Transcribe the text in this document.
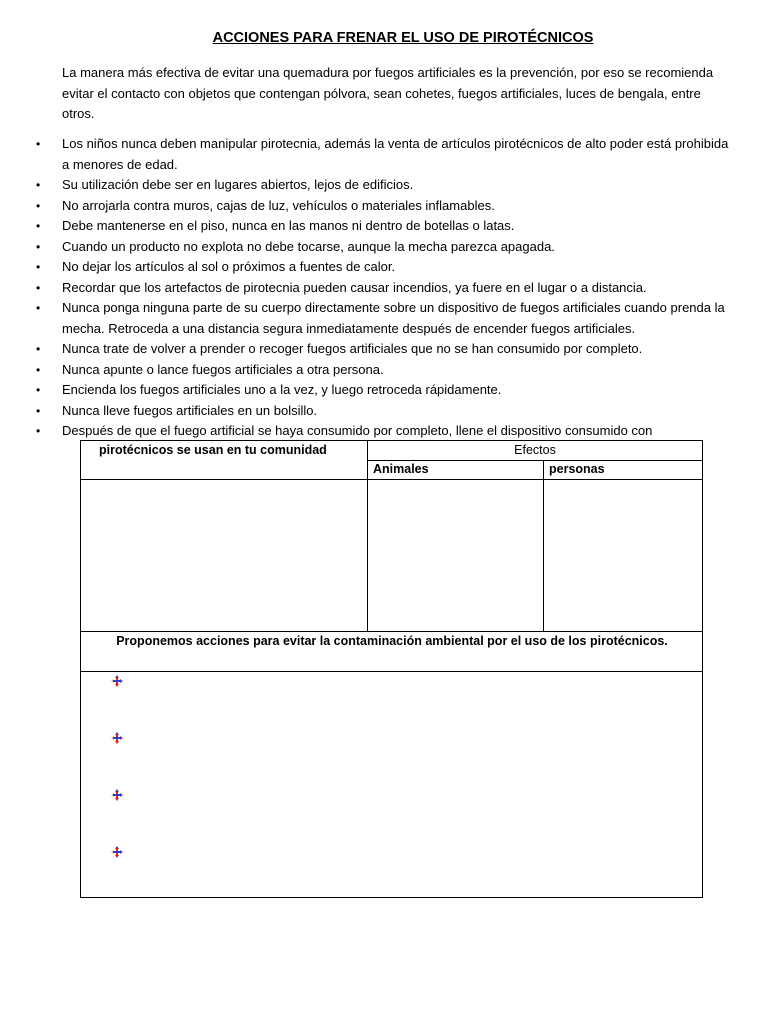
ACCIONES PARA FRENAR EL USO DE PIROTÉCNICOS
La manera más efectiva de evitar una quemadura por fuegos artificiales es la prevención, por eso se recomienda evitar el contacto con objetos que contengan pólvora, sean cohetes, fuegos artificiales, luces de bengala, entre otros.
• Los niños nunca deben manipular pirotecnia, además la venta de artículos pirotécnicos de alto poder está prohibida a menores de edad.
• Su utilización debe ser en lugares abiertos, lejos de edificios.
• No arrojarla contra muros, cajas de luz, vehículos o materiales inflamables.
• Debe mantenerse en el piso, nunca en las manos ni dentro de botellas o latas.
• Cuando un producto no explota no debe tocarse, aunque la mecha parezca apagada.
• No dejar los artículos al sol o próximos a fuentes de calor.
• Recordar que los artefactos de pirotecnia pueden causar incendios, ya fuere en el lugar o a distancia.
• Nunca ponga ninguna parte de su cuerpo directamente sobre un dispositivo de fuegos artificiales cuando prenda la mecha. Retroceda a una distancia segura inmediatamente después de encender fuegos artificiales.
• Nunca trate de volver a prender o recoger fuegos artificiales que no se han consumido por completo.
• Nunca apunte o lance fuegos artificiales a otra persona.
• Encienda los fuegos artificiales uno a la vez, y luego retroceda rápidamente.
• Nunca lleve fuegos artificiales en un bolsillo.
• Después de que el fuego artificial se haya consumido por completo, llene el dispositivo consumido con
pirotécnicos se usan en tu comunidad	Efectos
Animales	personas
Proponemos acciones para evitar la contaminación ambiental por el uso de los pirotécnicos.
